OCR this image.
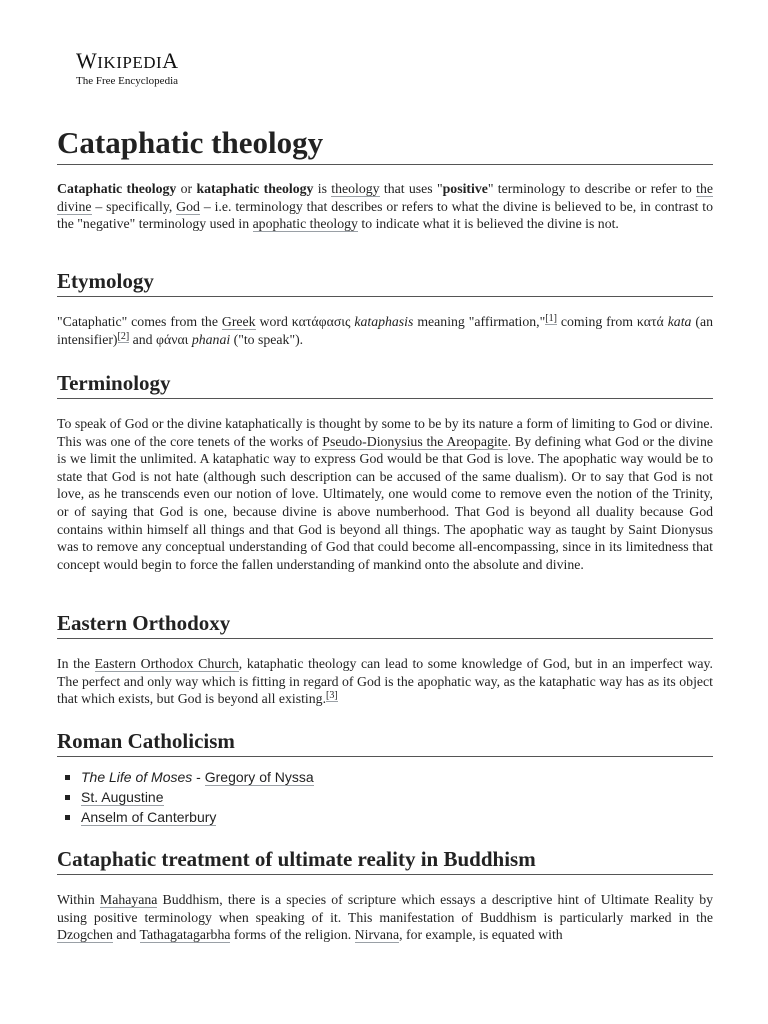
WIKIPEDIA
The Free Encyclopedia
Cataphatic theology

Cataphatic theology or kataphatic theology is theology that uses "positive" terminology to describe or refer to the divine – specifically, God – i.e. terminology that describes or refers to what the divine is believed to be, in contrast to the "negative" terminology used in apophatic theology to indicate what it is believed the divine is not.

Etymology

"Cataphatic" comes from the Greek word κατάφασις kataphasis meaning "affirmation,"[1] coming from κατά kata (an intensifier)[2] and φάναι phanai ("to speak").

Terminology

To speak of God or the divine kataphatically is thought by some to be by its nature a form of limiting to God or divine. This was one of the core tenets of the works of Pseudo-Dionysius the Areopagite. By defining what God or the divine is we limit the unlimited. A kataphatic way to express God would be that God is love. The apophatic way would be to state that God is not hate (although such description can be accused of the same dualism). Or to say that God is not love, as he transcends even our notion of love. Ultimately, one would come to remove even the notion of the Trinity, or of saying that God is one, because divine is above numberhood. That God is beyond all duality because God contains within himself all things and that God is beyond all things. The apophatic way as taught by Saint Dionysus was to remove any conceptual understanding of God that could become all-encompassing, since in its limitedness that concept would begin to force the fallen understanding of mankind onto the absolute and divine.

Eastern Orthodoxy

In the Eastern Orthodox Church, kataphatic theology can lead to some knowledge of God, but in an imperfect way. The perfect and only way which is fitting in regard of God is the apophatic way, as the kataphatic way has as its object that which exists, but God is beyond all existing.[3]

Roman Catholicism
The Life of Moses - Gregory of Nyssa
St. Augustine
Anselm of Canterbury
Cataphatic treatment of ultimate reality in Buddhism

Within Mahayana Buddhism, there is a species of scripture which essays a descriptive hint of Ultimate Reality by using positive terminology when speaking of it. This manifestation of Buddhism is particularly marked in the Dzogchen and Tathagatagarbha forms of the religion. Nirvana, for example, is equated with
